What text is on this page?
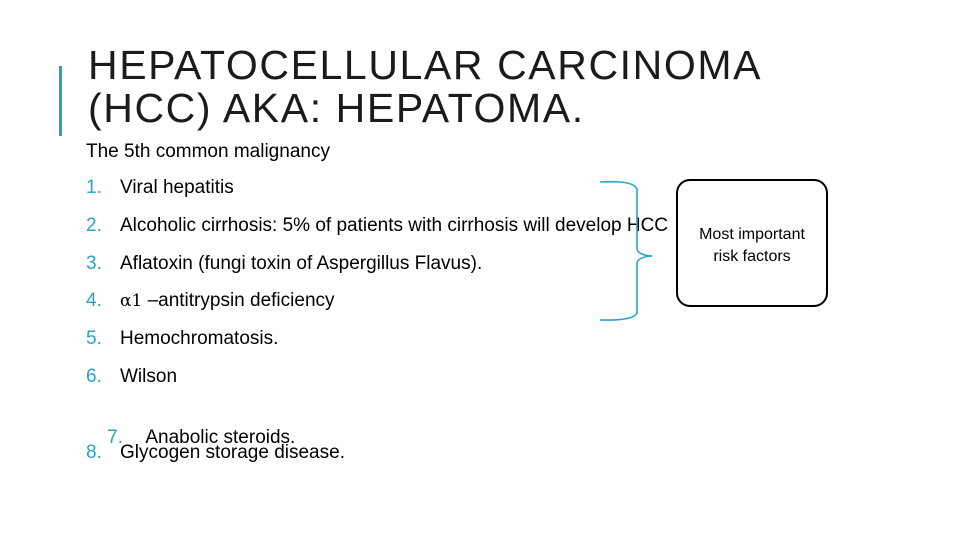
HEPATOCELLULAR CARCINOMA
(HCC) AKA: HEPATOMA.
The 5th common malignancy
1. Viral hepatitis
2. Alcoholic cirrhosis: 5% of patients with cirrhosis will develop HCC
3. Aflatoxin (fungi toxin of Aspergillus Flavus).
4. α1 –antitrypsin deficiency
5. Hemochromatosis.
6. Wilson

7. Anabolic steroids.

8. Glycogen storage disease.
Most important
risk factors
